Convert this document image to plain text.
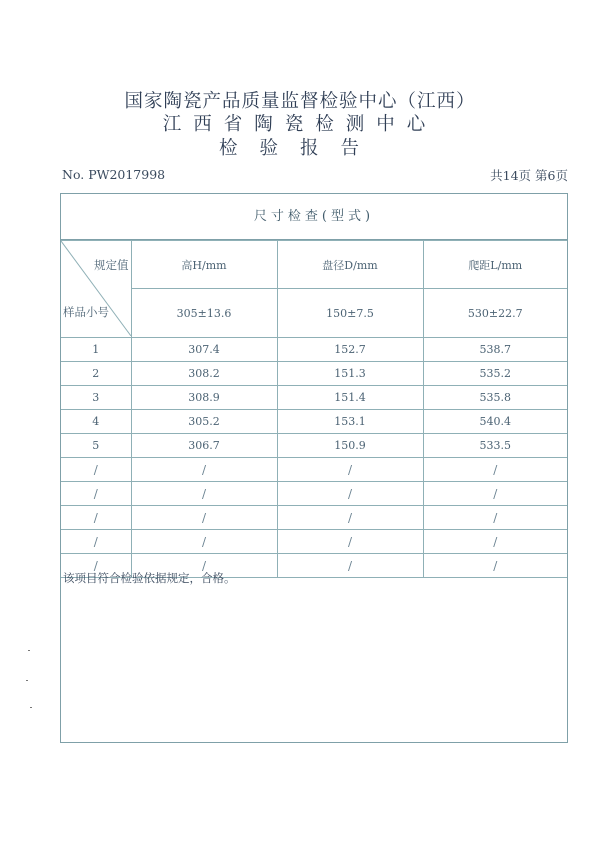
国家陶瓷产品质量监督检验中心（江西）
江西省陶瓷检测中心
检验报告
No. PW2017998	共14页 第6页
尺寸检查(型式)
规定值
样品小号	高H/mm	盘径D/mm	爬距L/mm
	305±13.6	150±7.5	530±22.7
1	307.4	152.7	538.7
2	308.2	151.3	535.2
3	308.9	151.4	535.8
4	305.2	153.1	540.4
5	306.7	150.9	533.5
/	/	/	/
/	/	/	/
/	/	/	/
/	/	/	/
/	/	/	/
该项目符合检验依据规定，合格。
